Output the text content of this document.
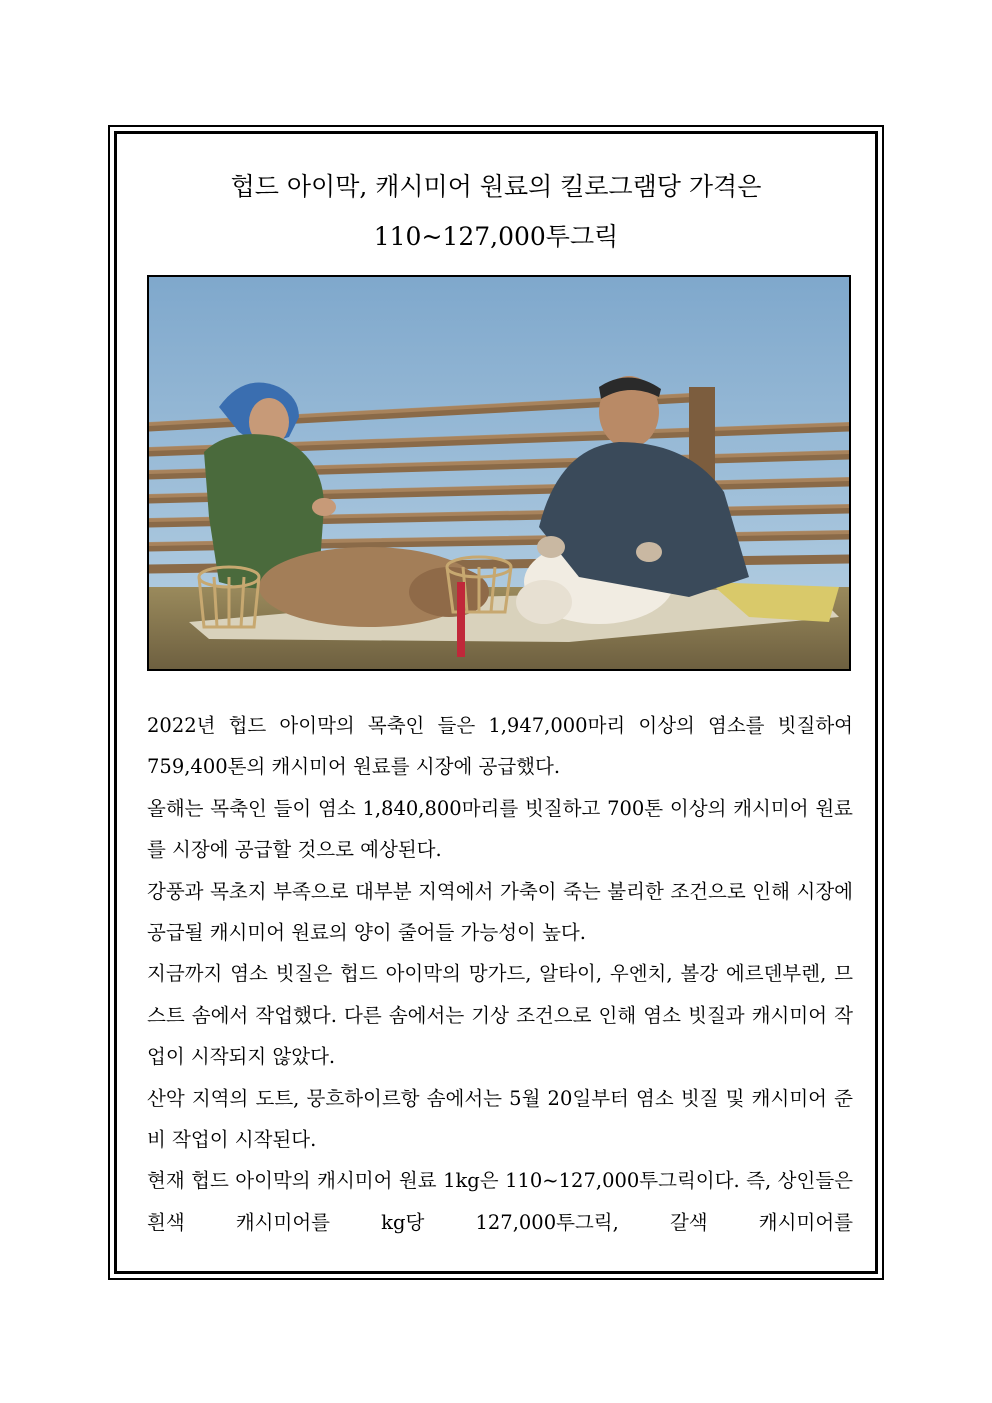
헙드 아이막, 캐시미어 원료의 킬로그램당 가격은
110~127,000투그릭

2022년 헙드 아이막의 목축인 들은 1,947,000마리 이상의 염소를 빗질하여 759,400톤의 캐시미어 원료를 시장에 공급했다.

올해는 목축인 들이 염소 1,840,800마리를 빗질하고 700톤 이상의 캐시미어 원료를 시장에 공급할 것으로 예상된다.

강풍과 목초지 부족으로 대부분 지역에서 가축이 죽는 불리한 조건으로 인해 시장에 공급될 캐시미어 원료의 양이 줄어들 가능성이 높다.

지금까지 염소 빗질은 헙드 아이막의 망가드, 알타이, 우엔치, 볼강 에르덴부렌, 므스트 솜에서 작업했다. 다른 솜에서는 기상 조건으로 인해 염소 빗질과 캐시미어 작업이 시작되지 않았다.

산악 지역의 도트, 뭉흐하이르항 솜에서는 5월 20일부터 염소 빗질 및 캐시미어 준비 작업이 시작된다.

현재 헙드 아이막의 캐시미어 원료 1kg은 110~127,000투그릭이다. 즉, 상인들은 흰색 캐시미어를 kg당 127,000투그릭, 갈색 캐시미어를
